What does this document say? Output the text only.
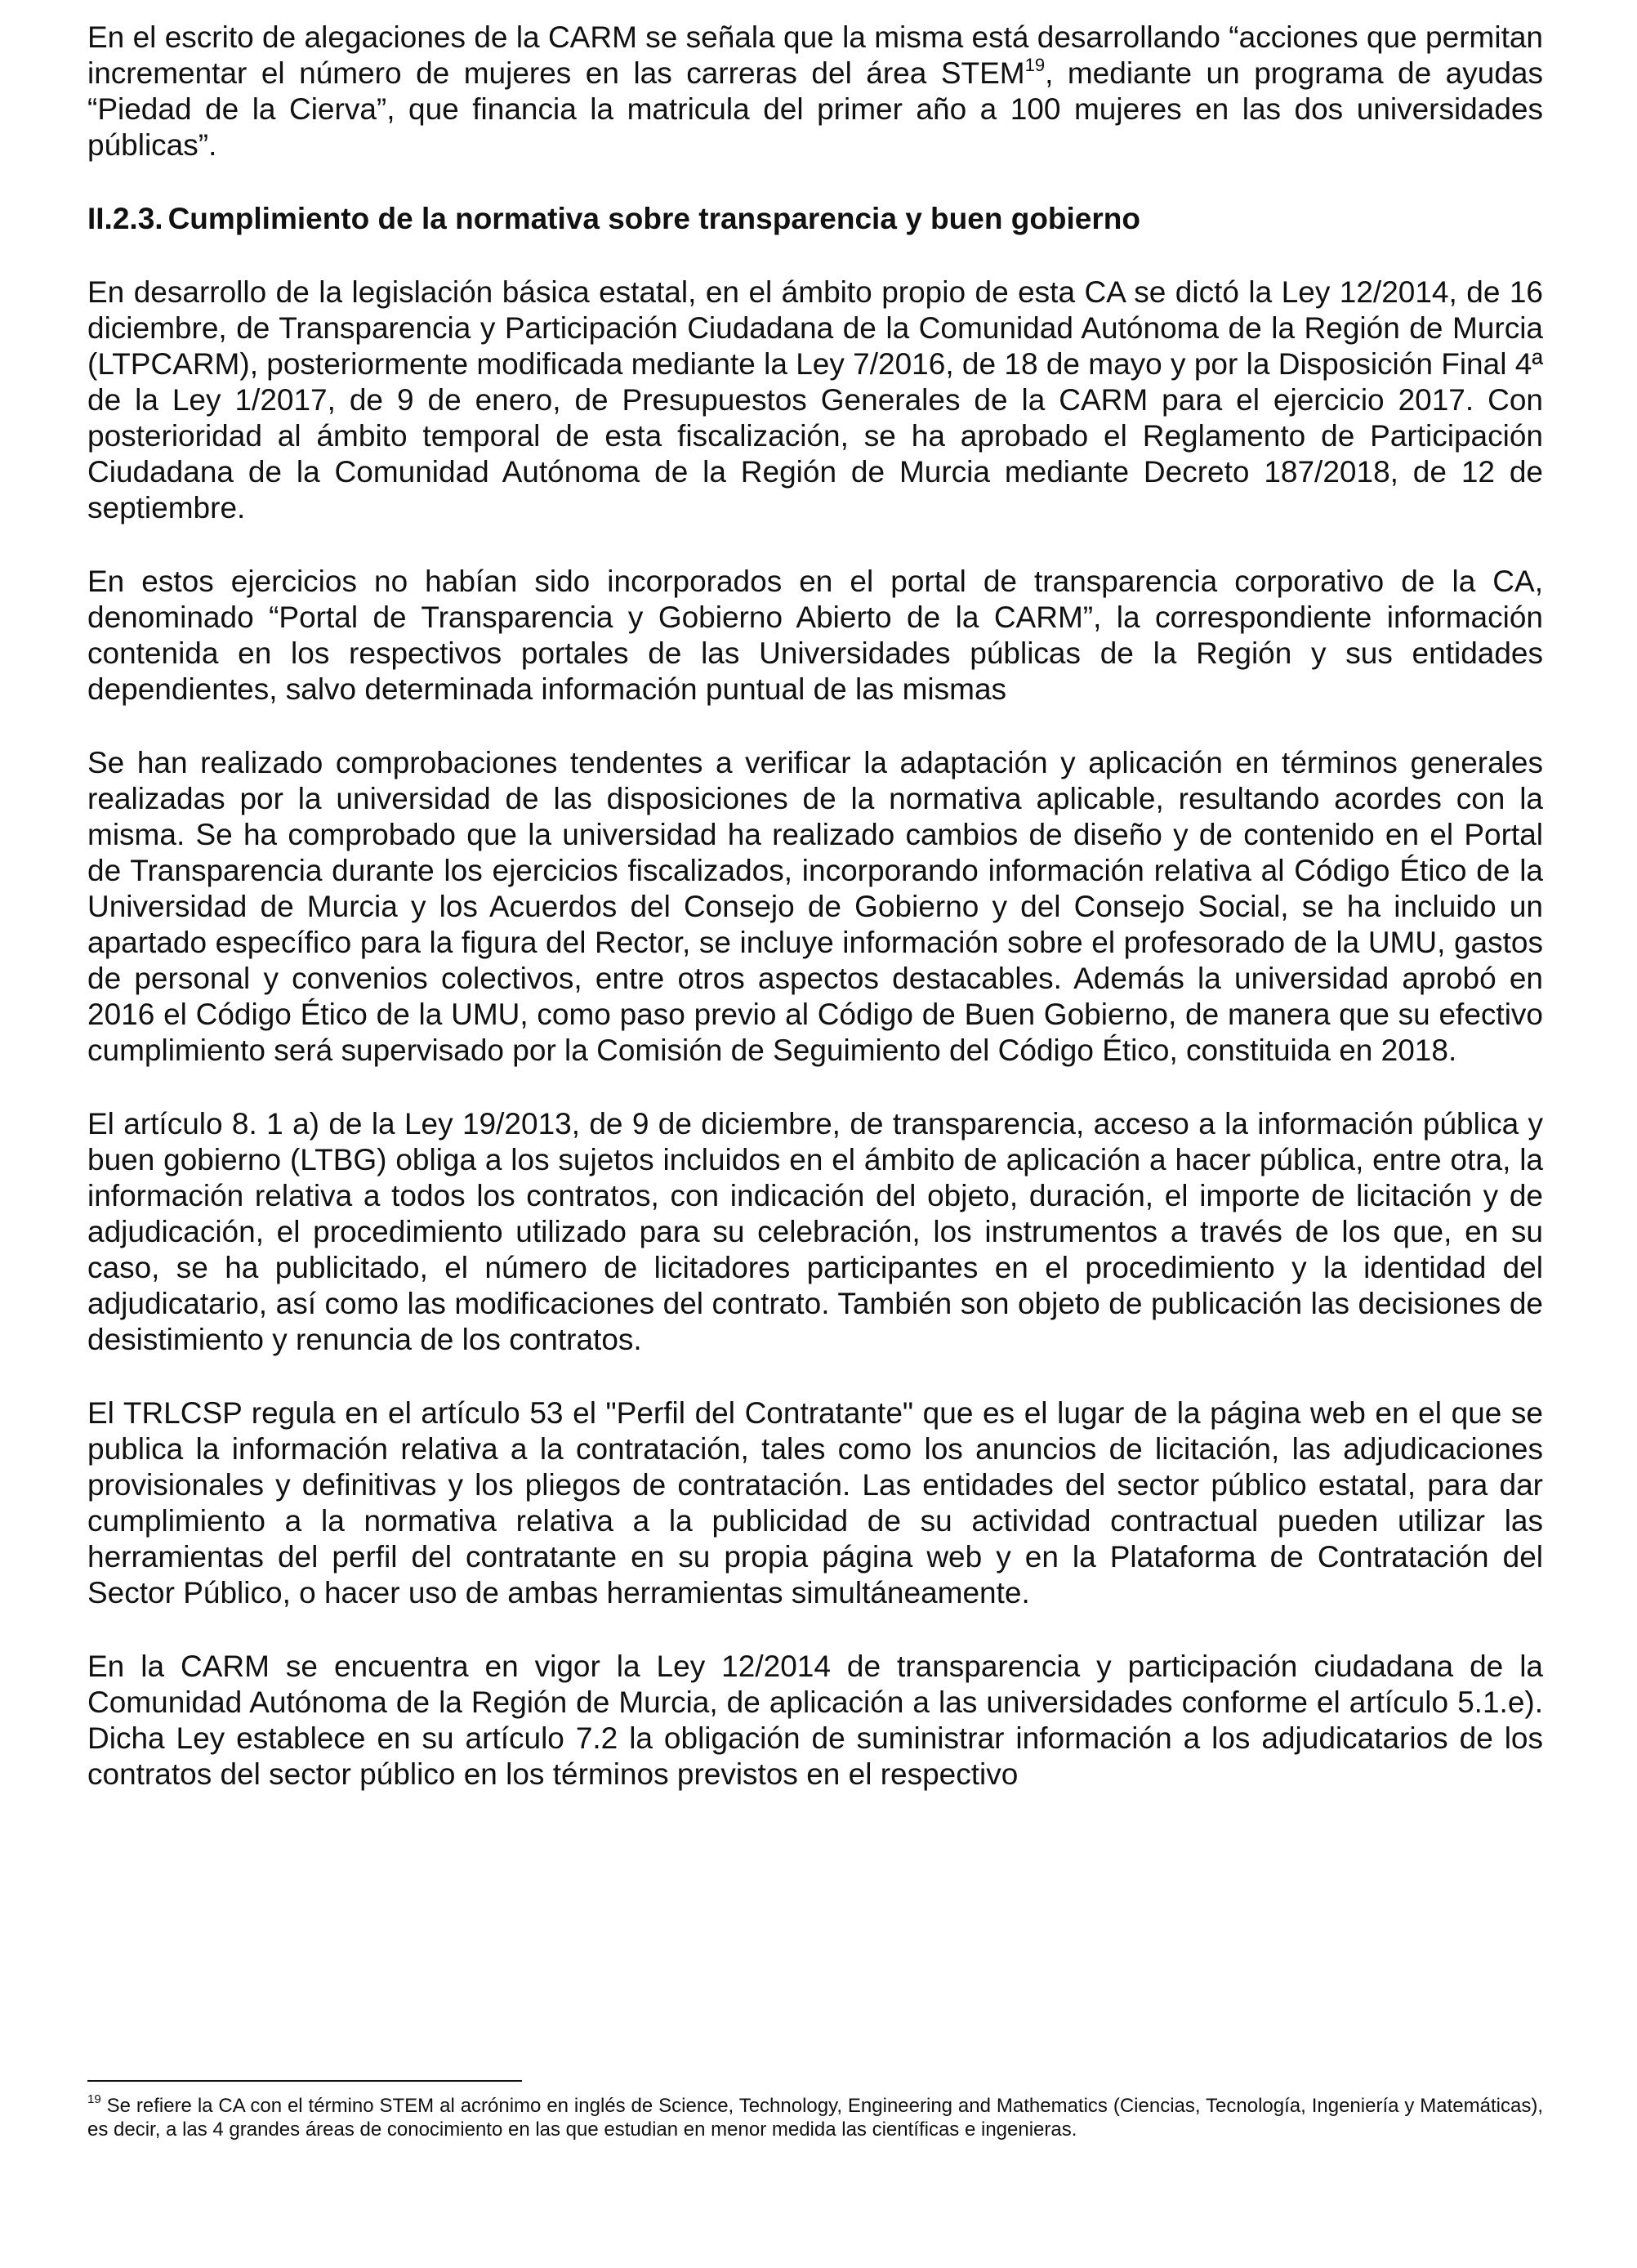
En el escrito de alegaciones de la CARM se señala que la misma está desarrollando “acciones que permitan incrementar el número de mujeres en las carreras del área STEM$^{19}$, mediante un programa de ayudas “Piedad de la Cierva”, que financia la matricula del primer año a 100 mujeres en las dos universidades públicas”.

II.2.3. Cumplimiento de la normativa sobre transparencia y buen gobierno

En desarrollo de la legislación básica estatal, en el ámbito propio de esta CA se dictó la Ley 12/2014, de 16 diciembre, de Transparencia y Participación Ciudadana de la Comunidad Autónoma de la Región de Murcia (LTPCARM), posteriormente modificada mediante la Ley 7/2016, de 18 de mayo y por la Disposición Final 4ª de la Ley 1/2017, de 9 de enero, de Presupuestos Generales de la CARM para el ejercicio 2017. Con posterioridad al ámbito temporal de esta fiscalización, se ha aprobado el Reglamento de Participación Ciudadana de la Comunidad Autónoma de la Región de Murcia mediante Decreto 187/2018, de 12 de septiembre.

En estos ejercicios no habían sido incorporados en el portal de transparencia corporativo de la CA, denominado “Portal de Transparencia y Gobierno Abierto de la CARM”, la correspondiente información contenida en los respectivos portales de las Universidades públicas de la Región y sus entidades dependientes, salvo determinada información puntual de las mismas

Se han realizado comprobaciones tendentes a verificar la adaptación y aplicación en términos generales realizadas por la universidad de las disposiciones de la normativa aplicable, resultando acordes con la misma. Se ha comprobado que la universidad ha realizado cambios de diseño y de contenido en el Portal de Transparencia durante los ejercicios fiscalizados, incorporando información relativa al Código Ético de la Universidad de Murcia y los Acuerdos del Consejo de Gobierno y del Consejo Social, se ha incluido un apartado específico para la figura del Rector, se incluye información sobre el profesorado de la UMU, gastos de personal y convenios colectivos, entre otros aspectos destacables. Además la universidad aprobó en 2016 el Código Ético de la UMU, como paso previo al Código de Buen Gobierno, de manera que su efectivo cumplimiento será supervisado por la Comisión de Seguimiento del Código Ético, constituida en 2018.

El artículo 8. 1 a) de la Ley 19/2013, de 9 de diciembre, de transparencia, acceso a la información pública y buen gobierno (LTBG) obliga a los sujetos incluidos en el ámbito de aplicación a hacer pública, entre otra, la información relativa a todos los contratos, con indicación del objeto, duración, el importe de licitación y de adjudicación, el procedimiento utilizado para su celebración, los instrumentos a través de los que, en su caso, se ha publicitado, el número de licitadores participantes en el procedimiento y la identidad del adjudicatario, así como las modificaciones del contrato. También son objeto de publicación las decisiones de desistimiento y renuncia de los contratos.

El TRLCSP regula en el artículo 53 el "Perfil del Contratante" que es el lugar de la página web en el que se publica la información relativa a la contratación, tales como los anuncios de licitación, las adjudicaciones provisionales y definitivas y los pliegos de contratación. Las entidades del sector público estatal, para dar cumplimiento a la normativa relativa a la publicidad de su actividad contractual pueden utilizar las herramientas del perfil del contratante en su propia página web y en la Plataforma de Contratación del Sector Público, o hacer uso de ambas herramientas simultáneamente.

En la CARM se encuentra en vigor la Ley 12/2014 de transparencia y participación ciudadana de la Comunidad Autónoma de la Región de Murcia, de aplicación a las universidades conforme el artículo 5.1.e). Dicha Ley establece en su artículo 7.2 la obligación de suministrar información a los adjudicatarios de los contratos del sector público en los términos previstos en el respectivo

$^{19}$ Se refiere la CA con el término STEM al acrónimo en inglés de Science, Technology, Engineering and Mathematics (Ciencias, Tecnología, Ingeniería y Matemáticas), es decir, a las 4 grandes áreas de conocimiento en las que estudian en menor medida las científicas e ingenieras.
